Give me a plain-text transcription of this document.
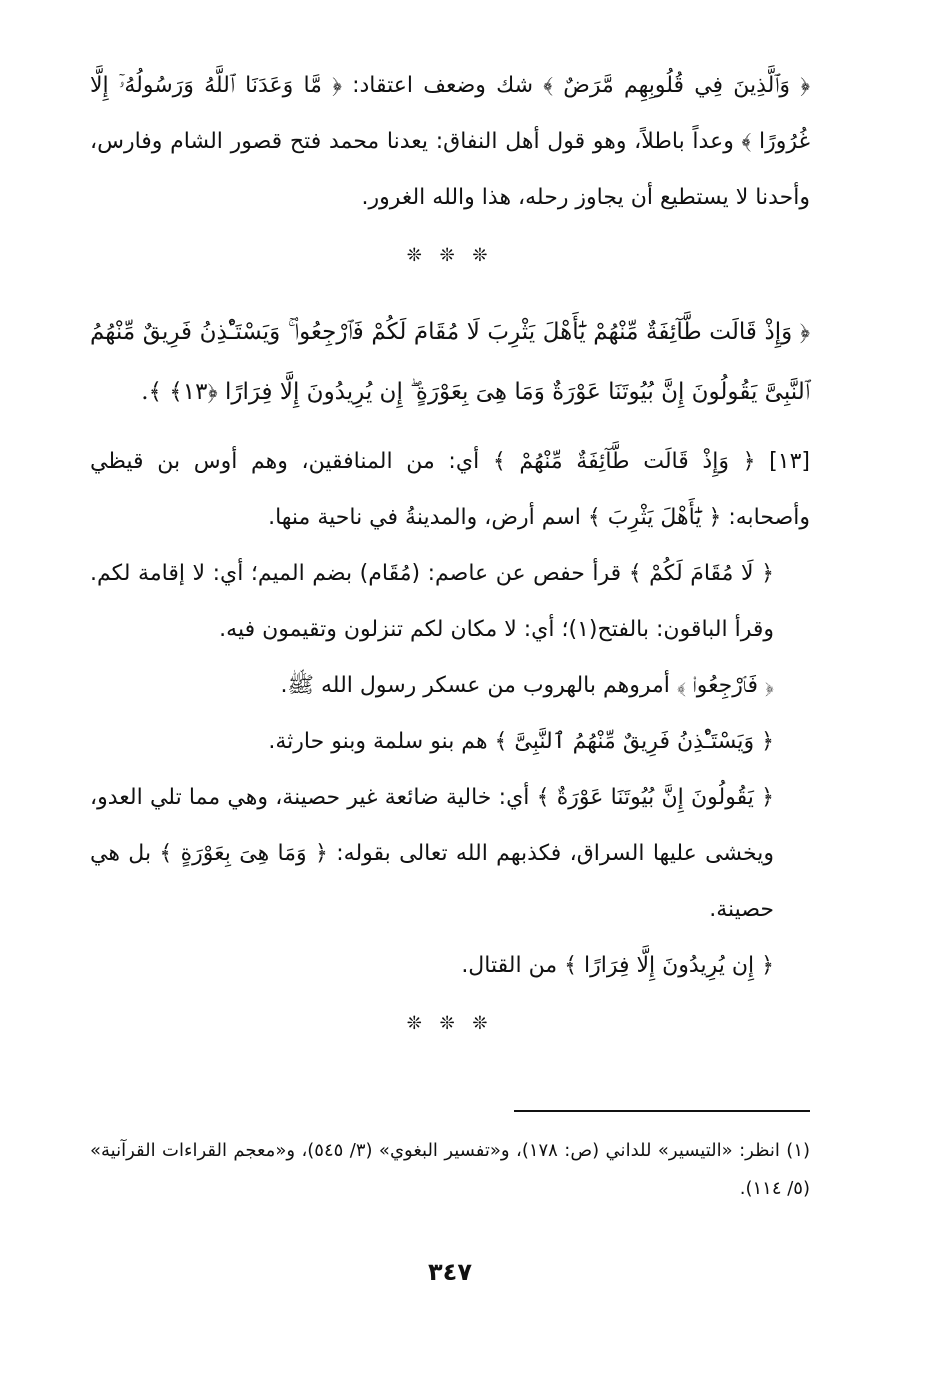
﴿ وَٱلَّذِينَ فِي قُلُوبِهِم مَّرَضٌ ﴾ شك وضعف اعتقاد: ﴿ مَّا وَعَدَنَا ٱللَّهُ وَرَسُولُهُۥٓ إِلَّا غُرُورًا ﴾ وعداً باطلاً، وهو قول أهل النفاق: يعدنا محمد فتح قصور الشام وفارس، وأحدنا لا يستطيع أن يجاوز رحله، هذا والله الغرور.

❊ ❊ ❊

﴿ وَإِذْ قَالَت طَّآئِفَةٌ مِّنْهُمْ يَٰٓأَهْلَ يَثْرِبَ لَا مُقَامَ لَكُمْ فَٱرْجِعُوا۟ ۚ وَيَسْتَـْٔذِنُ فَرِيقٌ مِّنْهُمُ ٱلنَّبِىَّ يَقُولُونَ إِنَّ بُيُوتَنَا عَوْرَةٌ وَمَا هِىَ بِعَوْرَةٍ ۖ إِن يُرِيدُونَ إِلَّا فِرَارًا ﴿١٣﴾ ﴾.

[١٣] ﴿ وَإِذْ قَالَت طَّآئِفَةٌ مِّنْهُمْ ﴾ أي: من المنافقين، وهم أوس بن قيظي وأصحابه: ﴿ يَٰٓأَهْلَ يَثْرِبَ ﴾ اسم أرض، والمدينةُ في ناحية منها.

﴿ لَا مُقَامَ لَكُمْ ﴾ قرأ حفص عن عاصم: (مُقَام) بضم الميم؛ أي: لا إقامة لكم. وقرأ الباقون: بالفتح(١)؛ أي: لا مكان لكم تنزلون وتقيمون فيه.

﴿ فَٱرْجِعُوا۟ ﴾ أمروهم بالهروب من عسكر رسول الله ﷺ.

﴿ وَيَسْتَـْٔذِنُ فَرِيقٌ مِّنْهُمُ ٱلنَّبِىَّ ﴾ هم بنو سلمة وبنو حارثة.

﴿ يَقُولُونَ إِنَّ بُيُوتَنَا عَوْرَةٌ ﴾ أي: خالية ضائعة غير حصينة، وهي مما تلي العدو، ويخشى عليها السراق، فكذبهم الله تعالى بقوله: ﴿ وَمَا هِىَ بِعَوْرَةٍ ﴾ بل هي حصينة.

﴿ إِن يُرِيدُونَ إِلَّا فِرَارًا ﴾ من القتال.

❊ ❊ ❊

(١) انظر: «التيسير» للداني (ص: ١٧٨)، و«تفسير البغوي» (٣/ ٥٤٥)، و«معجم القراءات القرآنية» (٥/ ١١٤).

٣٤٧
